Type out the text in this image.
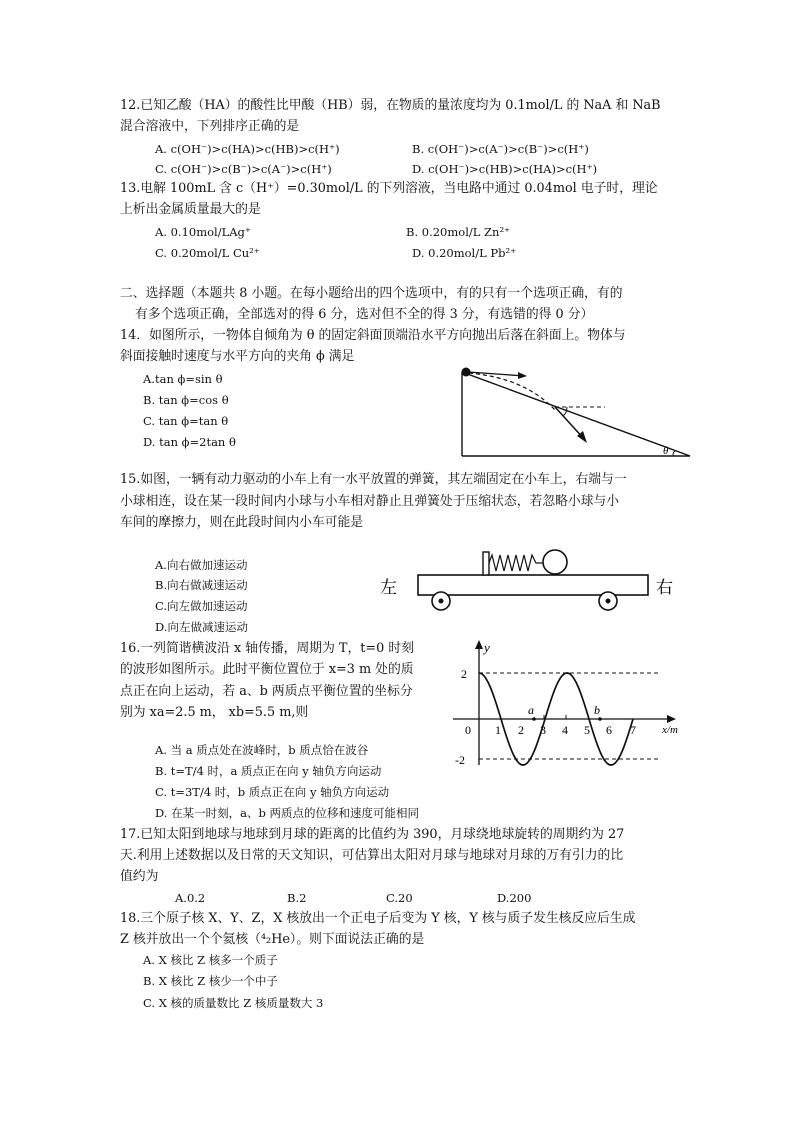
12.已知乙酸（HA）的酸性比甲酸（HB）弱，在物质的量浓度均为 0.1mol/L 的 NaA 和 NaB
混合溶液中，下列排序正确的是
A. c(OH⁻)>c(HA)>c(HB)>c(H⁺)	B. c(OH⁻)>c(A⁻)>c(B⁻)>c(H⁺)
C. c(OH⁻)>c(B⁻)>c(A⁻)>c(H⁺)	D. c(OH⁻)>c(HB)>c(HA)>c(H⁺)
13.电解 100mL 含 c（H⁺）=0.30mol/L 的下列溶液，当电路中通过 0.04mol 电子时，理论
上析出金属质量最大的是
A. 0.10mol/LAg⁺	B. 0.20mol/L Zn²⁺
C. 0.20mol/L Cu²⁺	D. 0.20mol/L Pb²⁺
二、选择题（本题共 8 小题。在每小题给出的四个选项中，有的只有一个选项正确，有的
有多个选项正确，全部选对的得 6 分，选对但不全的得 3 分，有选错的得 0 分）
14．如图所示，一物体自倾角为 θ 的固定斜面顶端沿水平方向抛出后落在斜面上。物体与
斜面接触时速度与水平方向的夹角 ϕ 满足
A.tan ϕ=sin θ
B. tan ϕ=cos θ
C. tan ϕ=tan θ
D. tan ϕ=2tan θ
θ
15.如图，一辆有动力驱动的小车上有一水平放置的弹簧，其左端固定在小车上，右端与一
小球相连，设在某一段时间内小球与小车相对静止且弹簧处于压缩状态，若忽略小球与小
车间的摩擦力，则在此段时间内小车可能是
A.向右做加速运动
B.向右做减速运动
C.向左做加速运动
D.向左做减速运动
左	右
16.一列简谐横波沿 x 轴传播，周期为 T，t=0 时刻
的波形如图所示。此时平衡位置位于 x=3 m 处的质
点正在向上运动，若 a、b 两质点平衡位置的坐标分
别为 xa=2.5 m， xb=5.5 m,则
A. 当 a 质点处在波峰时，b 质点恰在波谷
B. t=T/4 时，a 质点正在向 y 轴负方向运动
C. t=3T/4 时，b 质点正在向 y 轴负方向运动
D. 在某一时刻，a、b 两质点的位移和速度可能相同
y
x/m
2
-2
0 1 2 3 4 5 6 7
a	b
17.已知太阳到地球与地球到月球的距离的比值约为 390，月球绕地球旋转的周期约为 27
天.利用上述数据以及日常的天文知识，可估算出太阳对月球与地球对月球的万有引力的比
值约为
A.0.2	B.2	C.20	D.200
18.三个原子核 X、Y、Z，X 核放出一个正电子后变为 Y 核，Y 核与质子发生核反应后生成
Z 核并放出一个个氦核（⁴₂He）。则下面说法正确的是
A. X 核比 Z 核多一个质子
B. X 核比 Z 核少一个中子
C. X 核的质量数比 Z 核质量数大 3
